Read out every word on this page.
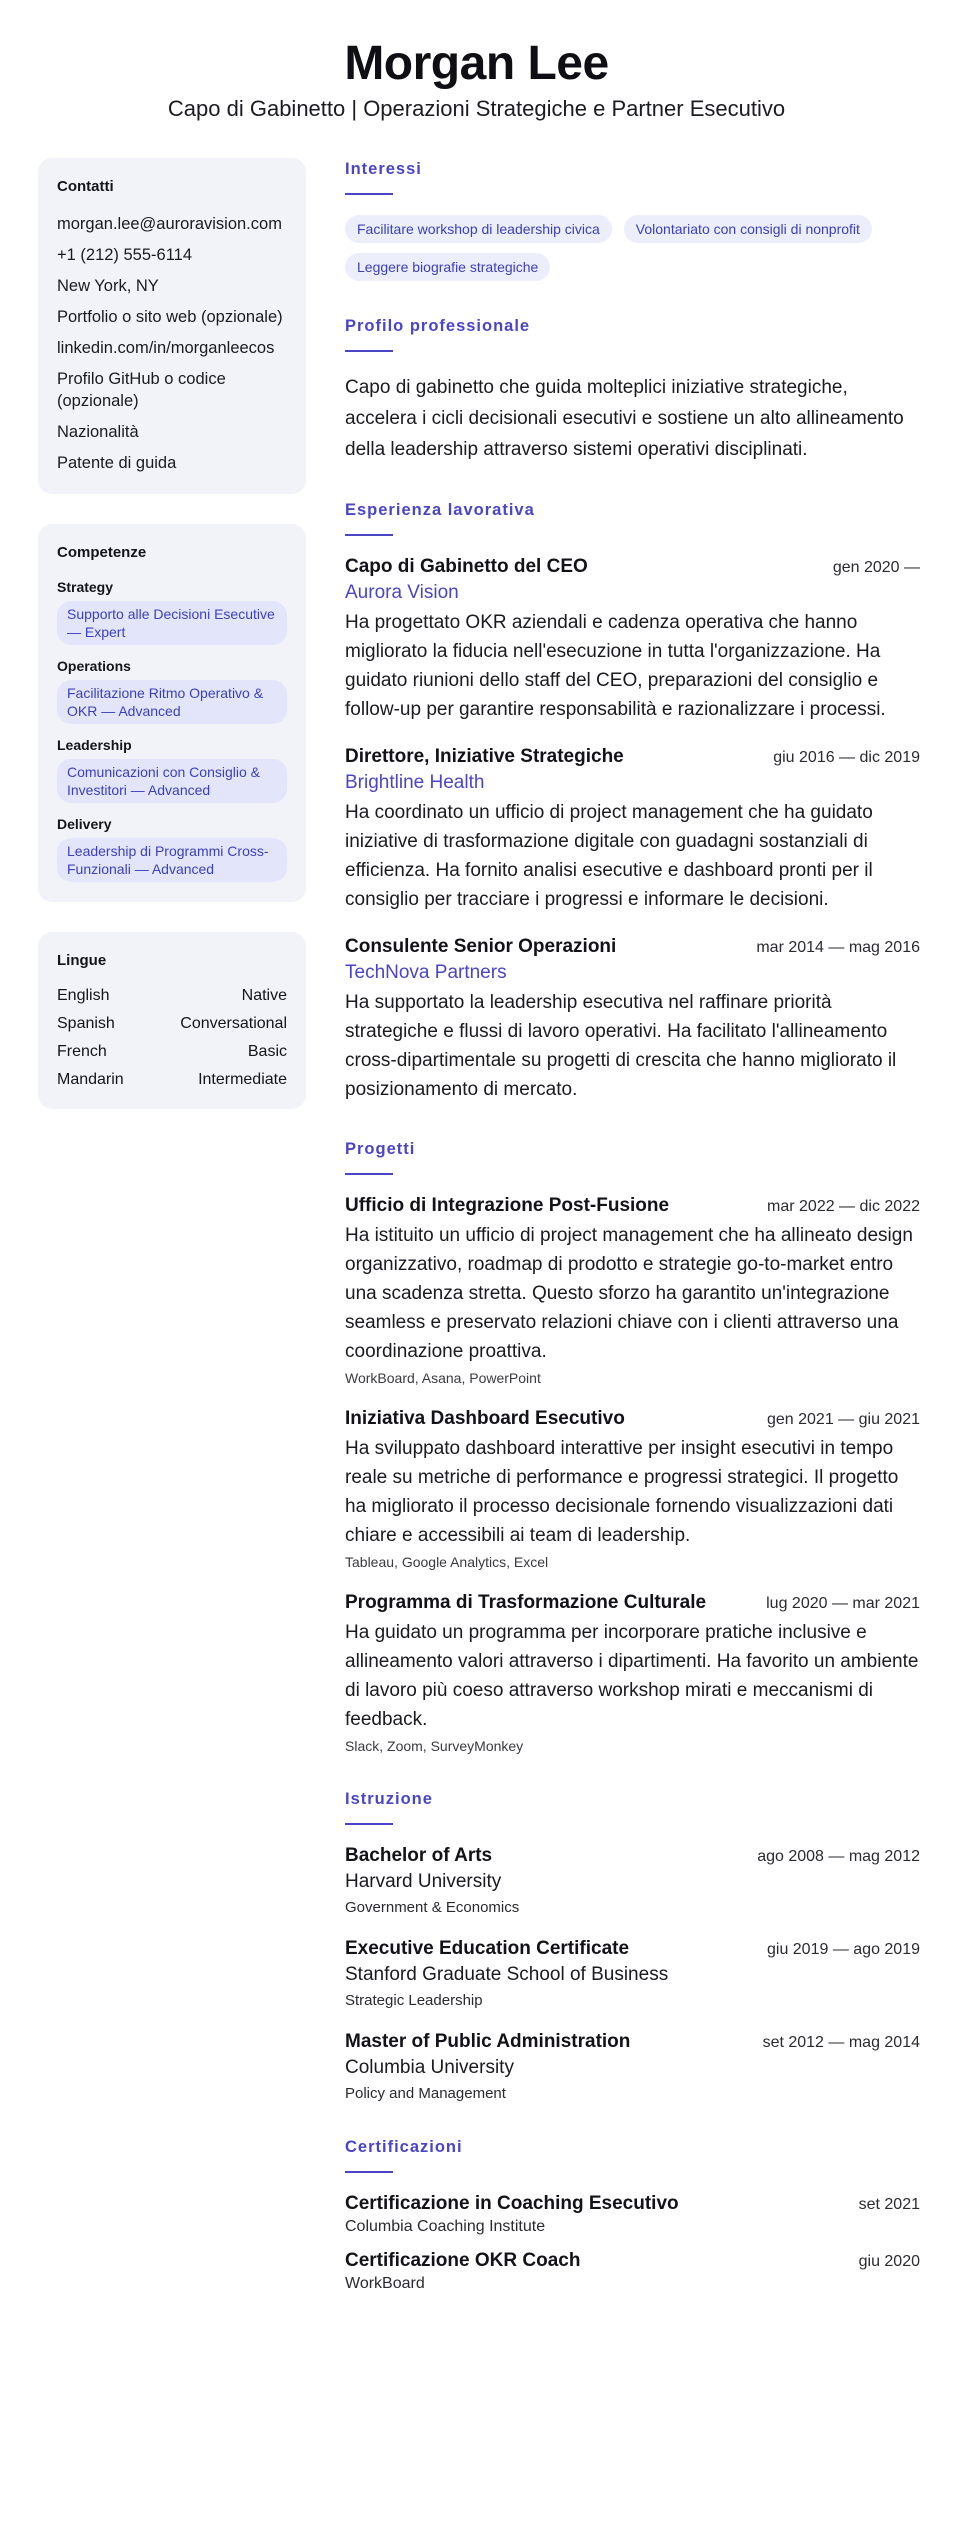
Morgan Lee
Capo di Gabinetto | Operazioni Strategiche e Partner Esecutivo
Contatti
morgan.lee@auroravision.com
+1 (212) 555-6114
New York, NY
Portfolio o sito web (opzionale)
linkedin.com/in/morganleecos
Profilo GitHub o codice (opzionale)
Nazionalità
Patente di guida
Competenze
Strategy
Supporto alle Decisioni Esecutive — Expert
Operations
Facilitazione Ritmo Operativo & OKR — Advanced
Leadership
Comunicazioni con Consiglio & Investitori — Advanced
Delivery
Leadership di Programmi Cross-Funzionali — Advanced
Lingue
English	Native
Spanish	Conversational
French	Basic
Mandarin	Intermediate
Interessi
Facilitare workshop di leadership civica	Volontariato con consigli di nonprofit
Leggere biografie strategiche
Profilo professionale

Capo di gabinetto che guida molteplici iniziative strategiche, accelera i cicli decisionali esecutivi e sostiene un alto allineamento della leadership attraverso sistemi operativi disciplinati.

Esperienza lavorativa
Capo di Gabinetto del CEO	gen 2020 —
Aurora Vision
Ha progettato OKR aziendali e cadenza operativa che hanno migliorato la fiducia nell'esecuzione in tutta l'organizzazione. Ha guidato riunioni dello staff del CEO, preparazioni del consiglio e follow-up per garantire responsabilità e razionalizzare i processi.
Direttore, Iniziative Strategiche	giu 2016 — dic 2019
Brightline Health
Ha coordinato un ufficio di project management che ha guidato iniziative di trasformazione digitale con guadagni sostanziali di efficienza. Ha fornito analisi esecutive e dashboard pronti per il consiglio per tracciare i progressi e informare le decisioni.
Consulente Senior Operazioni	mar 2014 — mag 2016
TechNova Partners
Ha supportato la leadership esecutiva nel raffinare priorità strategiche e flussi di lavoro operativi. Ha facilitato l'allineamento cross-dipartimentale su progetti di crescita che hanno migliorato il posizionamento di mercato.
Progetti
Ufficio di Integrazione Post-Fusione	mar 2022 — dic 2022
Ha istituito un ufficio di project management che ha allineato design organizzativo, roadmap di prodotto e strategie go-to-market entro una scadenza stretta. Questo sforzo ha garantito un'integrazione seamless e preservato relazioni chiave con i clienti attraverso una coordinazione proattiva.
WorkBoard, Asana, PowerPoint
Iniziativa Dashboard Esecutivo	gen 2021 — giu 2021
Ha sviluppato dashboard interattive per insight esecutivi in tempo reale su metriche di performance e progressi strategici. Il progetto ha migliorato il processo decisionale fornendo visualizzazioni dati chiare e accessibili ai team di leadership.
Tableau, Google Analytics, Excel
Programma di Trasformazione Culturale	lug 2020 — mar 2021
Ha guidato un programma per incorporare pratiche inclusive e allineamento valori attraverso i dipartimenti. Ha favorito un ambiente di lavoro più coeso attraverso workshop mirati e meccanismi di feedback.
Slack, Zoom, SurveyMonkey
Istruzione
Bachelor of Arts	ago 2008 — mag 2012
Harvard University
Government & Economics
Executive Education Certificate	giu 2019 — ago 2019
Stanford Graduate School of Business
Strategic Leadership
Master of Public Administration	set 2012 — mag 2014
Columbia University
Policy and Management
Certificazioni
Certificazione in Coaching Esecutivo	set 2021
Columbia Coaching Institute
Certificazione OKR Coach	giu 2020
WorkBoard
